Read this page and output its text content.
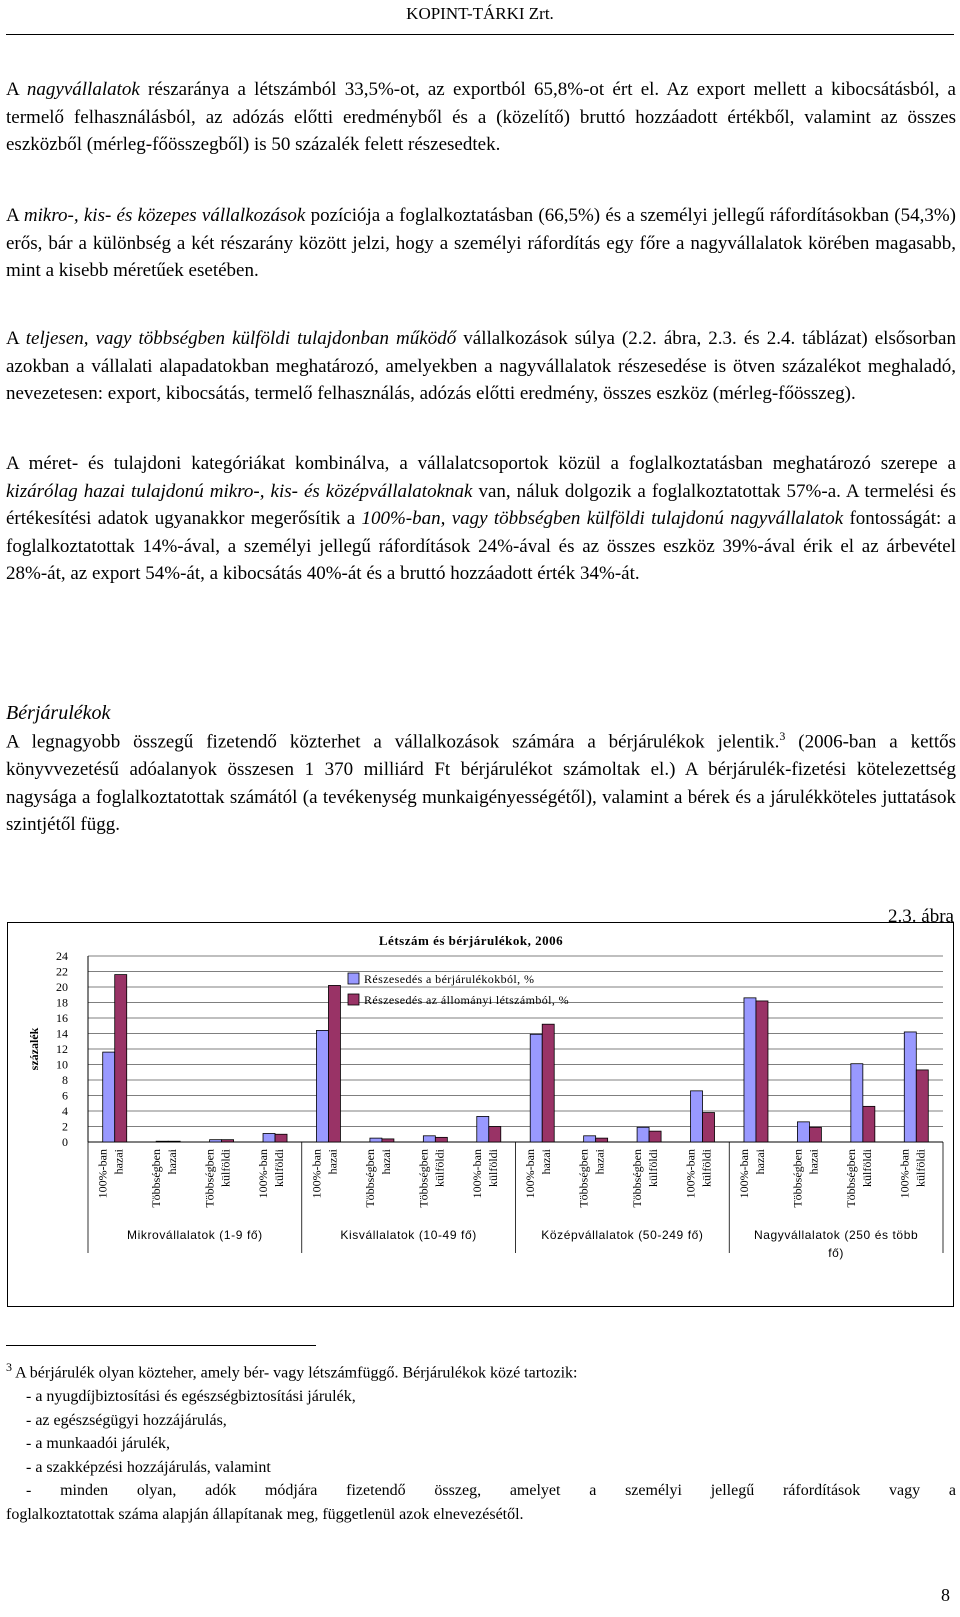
KOPINT-TÁRKI Zrt.

A nagyvállalatok részaránya a létszámból 33,5%-ot, az exportból 65,8%-ot ért el. Az export mellett a kibocsátásból, a termelő felhasználásból, az adózás előtti eredményből és a (közelítő) bruttó hozzáadott értékből, valamint az összes eszközből (mérleg-főösszegből) is 50 százalék felett részesedtek.

A mikro-, kis- és közepes vállalkozások pozíciója a foglalkoztatásban (66,5%) és a személyi jellegű ráfordításokban (54,3%) erős, bár a különbség a két részarány között jelzi, hogy a személyi ráfordítás egy főre a nagyvállalatok körében magasabb, mint a kisebb méretűek esetében.

A teljesen, vagy többségben külföldi tulajdonban működő vállalkozások súlya (2.2. ábra, 2.3. és 2.4. táblázat) elsősorban azokban a vállalati alapadatokban meghatározó, amelyekben a nagyvállalatok részesedése is ötven százalékot meghaladó, nevezetesen: export, kibocsátás, termelő felhasználás, adózás előtti eredmény, összes eszköz (mérleg-főösszeg).

A méret- és tulajdoni kategóriákat kombinálva, a vállalatcsoportok közül a foglalkoztatásban meghatározó szerepe a kizárólag hazai tulajdonú mikro-, kis- és középvállalatoknak van, náluk dolgozik a foglalkoztatottak 57%-a. A termelési és értékesítési adatok ugyanakkor megerősítik a 100%-ban, vagy többségben külföldi tulajdonú nagyvállalatok fontosságát: a foglalkoztatottak 14%-ával, a személyi jellegű ráfordítások 24%-ával és az összes eszköz 39%-ával érik el az árbevétel 28%-át, az export 54%-át, a kibocsátás 40%-át és a bruttó hozzáadott érték 34%-át.

Bérjárulékok

A legnagyobb összegű fizetendő közterhet a vállalkozások számára a bérjárulékok jelentik.$^3$ (2006-ban a kettős könyvvezetésű adóalanyok összesen 1 370 milliárd Ft bérjárulékot számoltak el.) A bérjárulék-fizetési kötelezettség nagysága a foglalkoztatottak számától (a tevékenység munkaigényességétől), valamint a bérek és a járulékköteles juttatások szintjétől függ.

2.3. ábra
0
2
4
6
8
10
12
14
16
18
20
22
24
százalék
Létszám és bérjárulékok, 2006
100%-ban hazai Többségben hazai Többségben külföldi 100%-ban külföldi 100%-ban hazai Többségben hazai Többségben külföldi 100%-ban külföldi 100%-ban hazai Többségben hazai Többségben külföldi 100%-ban külföldi 100%-ban hazai Többségben hazai Többségben külföldi 100%-ban külföldi
Mikrovállalatok (1-9 fő)	Kisvállalatok (10-49 fő)	Középvállalatok (50-249 fő)	Nagyvállalatok (250 és több
fő)
Részesedés a bérjárulékokból, %
Részesedés az állományi létszámból, %
$^3$ A bérjárulék olyan közteher, amely bér- vagy létszámfüggő. Bérjárulékok közé tartozik:
- a nyugdíjbiztosítási és egészségbiztosítási járulék,
- az egészségügyi hozzájárulás,
- a munkaadói járulék,
- a szakképzési hozzájárulás, valamint
- minden olyan, adók módjára fizetendő összeg, amelyet a személyi jellegű ráfordítások vagy a
foglalkoztatottak száma alapján állapítanak meg, függetlenül azok elnevezésétől.
8
